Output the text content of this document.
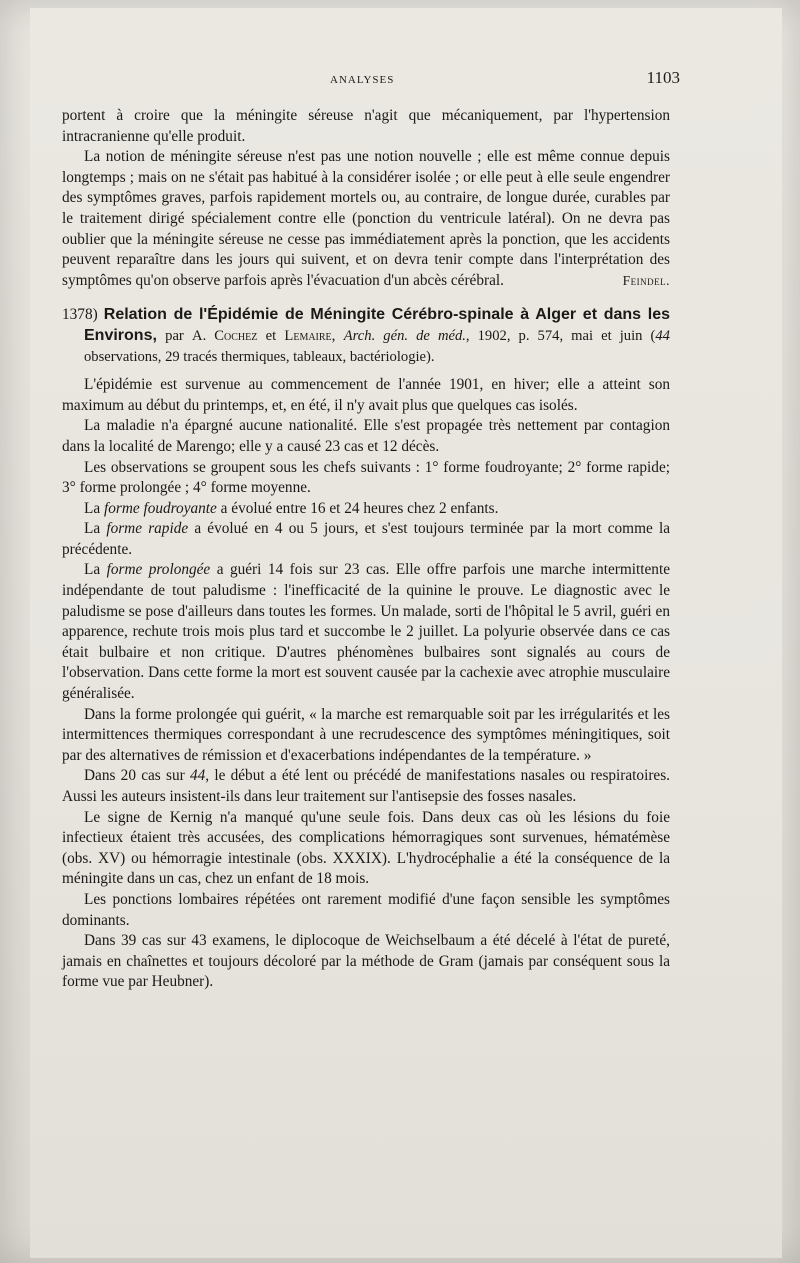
ANALYSES	1103

portent à croire que la méningite séreuse n'agit que mécaniquement, par l'hypertension intracranienne qu'elle produit.

La notion de méningite séreuse n'est pas une notion nouvelle ; elle est même connue depuis longtemps ; mais on ne s'était pas habitué à la considérer isolée ; or elle peut à elle seule engendrer des symptômes graves, parfois rapidement mortels ou, au contraire, de longue durée, curables par le traitement dirigé spécialement contre elle (ponction du ventricule latéral). On ne devra pas oublier que la méningite séreuse ne cesse pas immédiatement après la ponction, que les accidents peuvent reparaître dans les jours qui suivent, et on devra tenir compte dans l'interprétation des symptômes qu'on observe parfois après l'évacuation d'un abcès cérébral.	Feindel.

1378) Relation de l'Épidémie de Méningite Cérébro-spinale à Alger et dans les Environs, par A. Cochez et Lemaire, Arch. gén. de méd., 1902, p. 574, mai et juin (44 observations, 29 tracés thermiques, tableaux, bactériologie).

L'épidémie est survenue au commencement de l'année 1901, en hiver; elle a atteint son maximum au début du printemps, et, en été, il n'y avait plus que quelques cas isolés.

La maladie n'a épargné aucune nationalité. Elle s'est propagée très nettement par contagion dans la localité de Marengo; elle y a causé 23 cas et 12 décès.

Les observations se groupent sous les chefs suivants : 1° forme foudroyante; 2° forme rapide; 3° forme prolongée ; 4° forme moyenne.

La forme foudroyante a évolué entre 16 et 24 heures chez 2 enfants.

La forme rapide a évolué en 4 ou 5 jours, et s'est toujours terminée par la mort comme la précédente.

La forme prolongée a guéri 14 fois sur 23 cas. Elle offre parfois une marche intermittente indépendante de tout paludisme : l'inefficacité de la quinine le prouve. Le diagnostic avec le paludisme se pose d'ailleurs dans toutes les formes. Un malade, sorti de l'hôpital le 5 avril, guéri en apparence, rechute trois mois plus tard et succombe le 2 juillet. La polyurie observée dans ce cas était bulbaire et non critique. D'autres phénomènes bulbaires sont signalés au cours de l'observation. Dans cette forme la mort est souvent causée par la cachexie avec atrophie musculaire généralisée.

Dans la forme prolongée qui guérit, « la marche est remarquable soit par les irrégularités et les intermittences thermiques correspondant à une recrudescence des symptômes méningitiques, soit par des alternatives de rémission et d'exacerbations indépendantes de la température. »

Dans 20 cas sur 44, le début a été lent ou précédé de manifestations nasales ou respiratoires. Aussi les auteurs insistent-ils dans leur traitement sur l'antisepsie des fosses nasales.

Le signe de Kernig n'a manqué qu'une seule fois. Dans deux cas où les lésions du foie infectieux étaient très accusées, des complications hémorragiques sont survenues, hématémèse (obs. XV) ou hémorragie intestinale (obs. XXXIX). L'hydrocéphalie a été la conséquence de la méningite dans un cas, chez un enfant de 18 mois.

Les ponctions lombaires répétées ont rarement modifié d'une façon sensible les symptômes dominants.

Dans 39 cas sur 43 examens, le diplocoque de Weichselbaum a été décelé à l'état de pureté, jamais en chaînettes et toujours décoloré par la méthode de Gram (jamais par conséquent sous la forme vue par Heubner).
